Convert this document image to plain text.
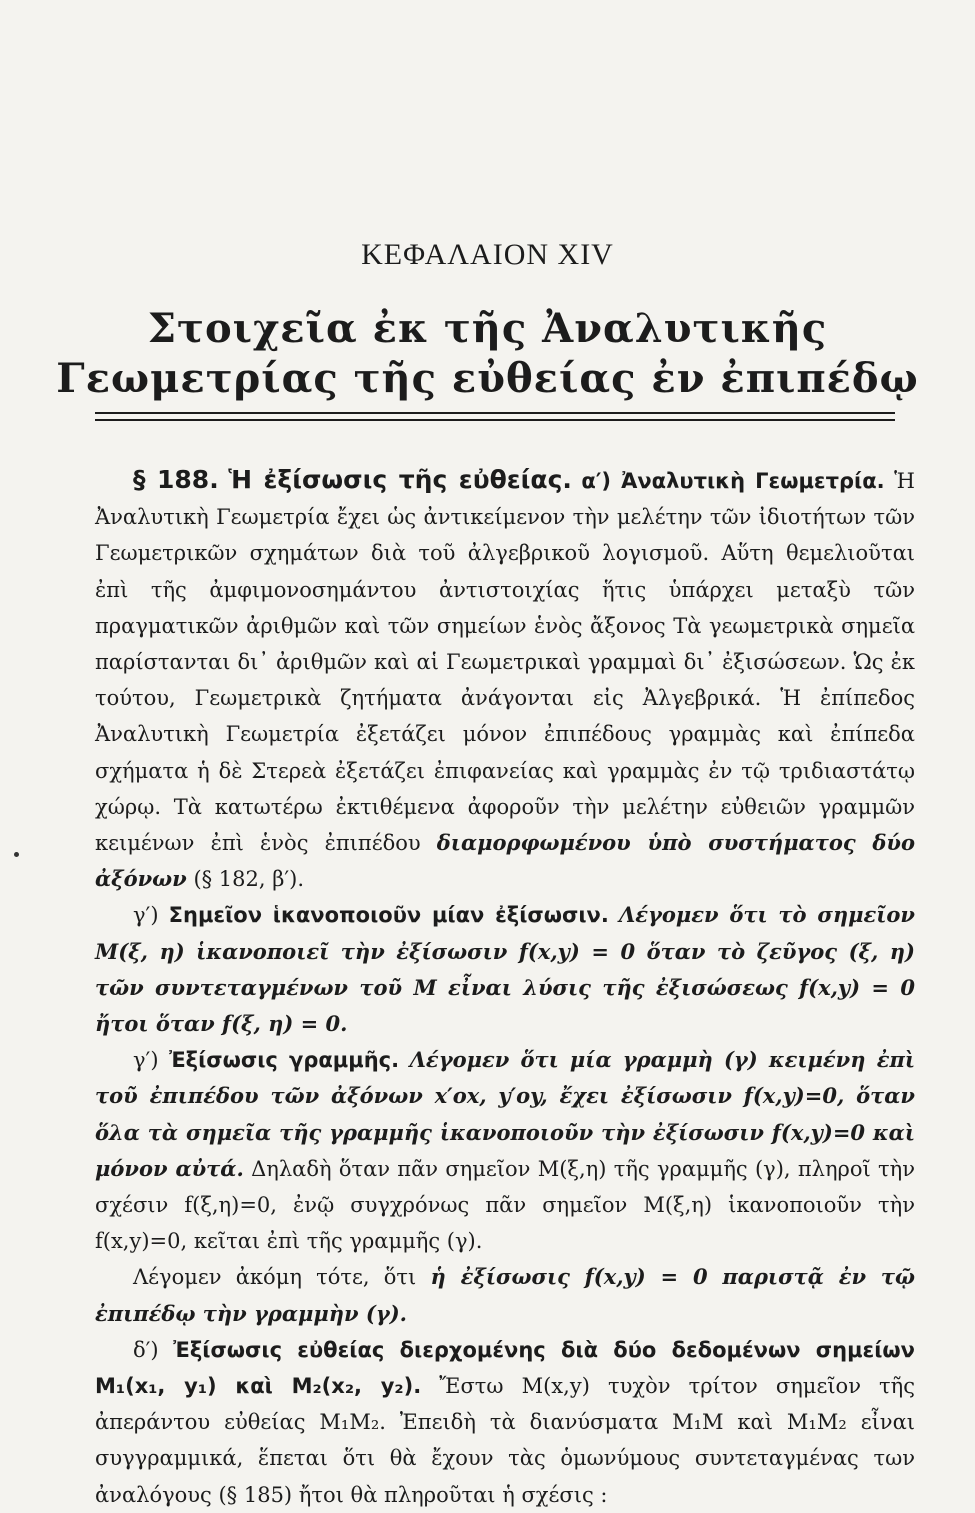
ΚΕΦΑΛΑΙΟΝ XIV
Στοιχεῖα ἐκ τῆς Ἀναλυτικῆς
Γεωμετρίας τῆς εὐθείας ἐν ἐπιπέδῳ

§ 188. Ἡ ἐξίσωσις τῆς εὐθείας. α′) Ἀναλυτικὴ Γεωμετρία. Ἡ Ἀναλυτικὴ Γεωμετρία ἔχει ὡς ἀντικείμενον τὴν μελέτην τῶν ἰδιοτήτων τῶν Γεωμετρικῶν σχημάτων διὰ τοῦ ἀλγεβρικοῦ λογισμοῦ. Αὕτη θεμελιοῦται ἐπὶ τῆς ἀμφιμονοσημάντου ἀντιστοιχίας ἥτις ὑπάρχει μεταξὺ τῶν πραγματικῶν ἀριθμῶν καὶ τῶν σημείων ἑνὸς ἄξονος Τὰ γεωμετρικὰ σημεῖα παρίστανται δι᾽ ἀριθμῶν καὶ αἱ Γεωμετρικαὶ γραμμαὶ δι᾽ ἐξισώσεων. Ὡς ἐκ τούτου, Γεωμετρικὰ ζητήματα ἀνάγονται εἰς Ἀλγεβρικά. Ἡ ἐπίπεδος Ἀναλυτικὴ Γεωμετρία ἐξετάζει μόνον ἐπιπέδους γραμμὰς καὶ ἐπίπεδα σχήματα ἡ δὲ Στερεὰ ἐξετάζει ἐπιφανείας καὶ γραμμὰς ἐν τῷ τριδιαστάτῳ χώρῳ. Τὰ κατωτέρω ἐκτιθέμενα ἀφοροῦν τὴν μελέτην εὐθειῶν γραμμῶν κειμένων ἐπὶ ἑνὸς ἐπιπέδου διαμορφωμένου ὑπὸ συστήματος δύο ἀξόνων (§ 182, β′).

γ′) Σημεῖον ἱκανοποιοῦν μίαν ἐξίσωσιν. Λέγομεν ὅτι τὸ σημεῖον Μ(ξ, η) ἱκανοποιεῖ τὴν ἐξίσωσιν f(x,y) = 0 ὅταν τὸ ζεῦγος (ξ, η) τῶν συντεταγμένων τοῦ Μ εἶναι λύσις τῆς ἐξισώσεως f(x,y) = 0 ἤτοι ὅταν f(ξ, η) = 0.

γ′) Ἐξίσωσις γραμμῆς. Λέγομεν ὅτι μία γραμμὴ (γ) κειμένη ἐπὶ τοῦ ἐπιπέδου τῶν ἀξόνων x′ox, y′oy, ἔχει ἐξίσωσιν f(x,y)=0, ὅταν ὅλα τὰ σημεῖα τῆς γραμμῆς ἱκανοποιοῦν τὴν ἐξίσωσιν f(x,y)=0 καὶ μόνον αὐτά. Δηλαδὴ ὅταν πᾶν σημεῖον Μ(ξ,η) τῆς γραμμῆς (γ), πληροῖ τὴν σχέσιν f(ξ,η)=0, ἐνῷ συγχρόνως πᾶν σημεῖον Μ(ξ,η) ἱκανοποιοῦν τὴν f(x,y)=0, κεῖται ἐπὶ τῆς γραμμῆς (γ).

Λέγομεν ἀκόμη τότε, ὅτι ἡ ἐξίσωσις f(x,y) = 0 παριστᾷ ἐν τῷ ἐπιπέδῳ τὴν γραμμὴν (γ).

δ′) Ἐξίσωσις εὐθείας διερχομένης διὰ δύο δεδομένων σημείων Μ₁(x₁, y₁) καὶ Μ₂(x₂, y₂). Ἔστω Μ(x,y) τυχὸν τρίτον σημεῖον τῆς ἀπεράντου εὐθείας Μ₁Μ₂. Ἐπειδὴ τὰ διανύσματα Μ₁Μ καὶ Μ₁Μ₂ εἶναι συγγραμμικά, ἕπεται ὅτι θὰ ἔχουν τὰς ὁμωνύμους συντεταγμένας των ἀναλόγους (§ 185) ἤτοι θὰ πληροῦται ἡ σχέσις :
